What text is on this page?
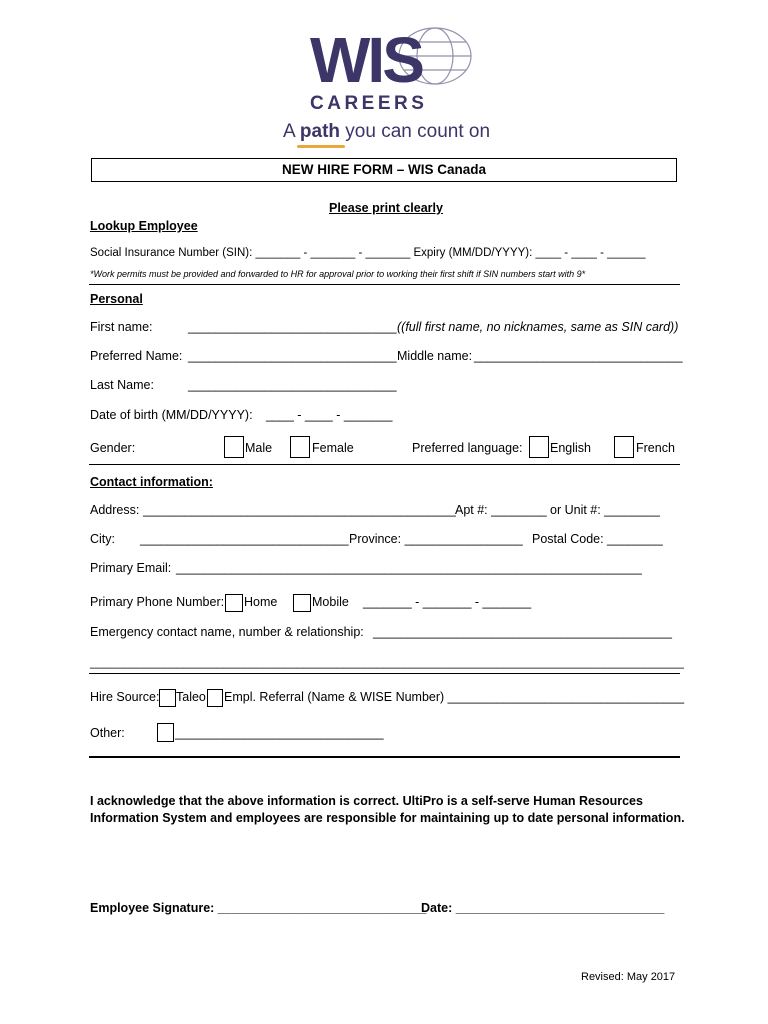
WIS
CAREERS
A path you can count on
NEW HIRE FORM – WIS Canada
Please print clearly
Lookup Employee
Social Insurance Number (SIN): _______ - _______ - _______ Expiry (MM/DD/YYYY): ____ - ____ - ______
*Work permits must be provided and forwarded to HR for approval prior to working their first shift if SIN numbers start with 9*
Personal
First name:	______________________________ ((full first name, no nicknames, same as SIN card))
Preferred Name: ______________________________ Middle name: ______________________________
Last Name:	______________________________
Date of birth (MM/DD/YYYY): ____ - ____ - _______
Gender:	Male	Female	Preferred language: English	French
Contact information:
Address: _____________________________________________ Apt #: ________ or Unit #: ________
City: ______________________________ Province: _________________ Postal Code: ________
Primary Email: ___________________________________________________________________
Primary Phone Number: Home	Mobile _______ - _______ - _______
Emergency contact name, number & relationship: ___________________________________________
_________________________________________________________________________________________
Hire Source: Taleo Empl. Referral (Name & WISE Number) __________________________________
Other:	______________________________
I acknowledge that the above information is correct. UltiPro is a self-serve Human Resources
Information System and employees are responsible for maintaining up to date personal information.
Employee Signature: ______________________________
Date: ______________________________
Revised: May 2017
